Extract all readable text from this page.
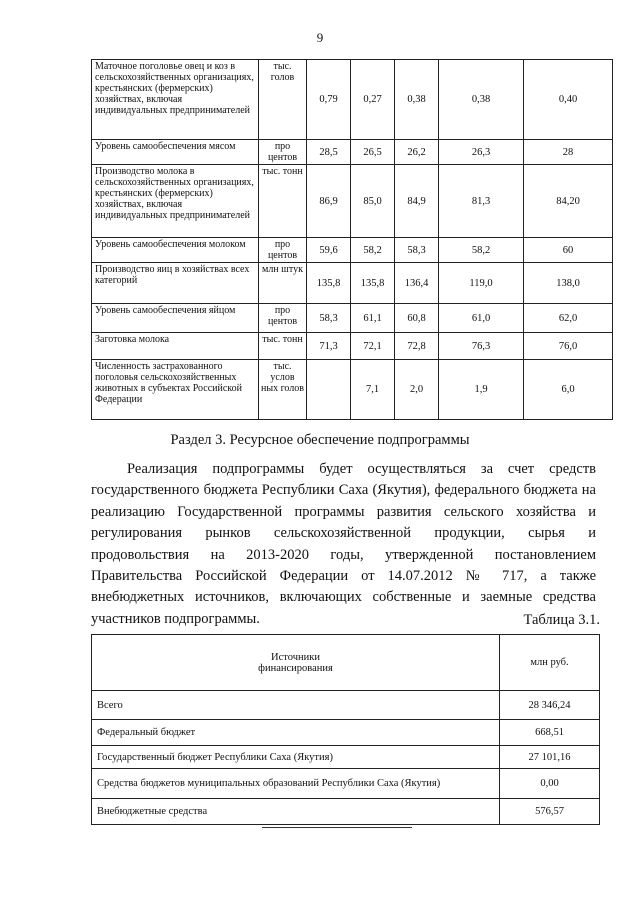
9
Маточное поголовье овец и коз в сельскохозяйственных организациях, крестьянских (фермерских) хозяйствах, включая индивидуальных предпринимателей	тыс. голов	0,79	0,27	0,38	0,38	0,40
Уровень самообеспечения мясом	про центов	28,5	26,5	26,2	26,3	28
Производство молока в сельскохозяйственных организациях, крестьянских (фермерских) хозяйствах, включая индивидуальных предпринимателей	тыс. тонн	86,9	85,0	84,9	81,3	84,20
Уровень самообеспечения молоком	про центов	59,6	58,2	58,3	58,2	60
Производство яиц в хозяйствах всех категорий	млн штук	135,8	135,8	136,4	119,0	138,0
Уровень самообеспечения яйцом	про центов	58,3	61,1	60,8	61,0	62,0
Заготовка молока	тыс. тонн	71,3	72,1	72,8	76,3	76,0
Численность застрахованного поголовья сельскохозяйственных животных в субъектах Российской Федерации	тыс. услов ных голов		7,1	2,0	1,9	6,0
Раздел 3. Ресурсное обеспечение подпрограммы

Реализация подпрограммы будет осуществляться за счет средств государственного бюджета Республики Саха (Якутия), федерального бюджета на реализацию Государственной программы развития сельского хозяйства и регулирования рынков сельскохозяйственной продукции, сырья и продовольствия на 2013-2020 годы, утвержденной постановлением Правительства Российской Федерации от 14.07.2012 № 717, а также внебюджетных источников, включающих собственные и заемные средства участников подпрограммы.	Таблица 3.1.

Источники финансирования	млн руб.
Всего	28 346,24
Федеральный бюджет	668,51
Государственный бюджет Республики Саха (Якутия)	27 101,16
Средства бюджетов муниципальных образований Республики Саха (Якутия)	0,00
Внебюджетные средства	576,57
